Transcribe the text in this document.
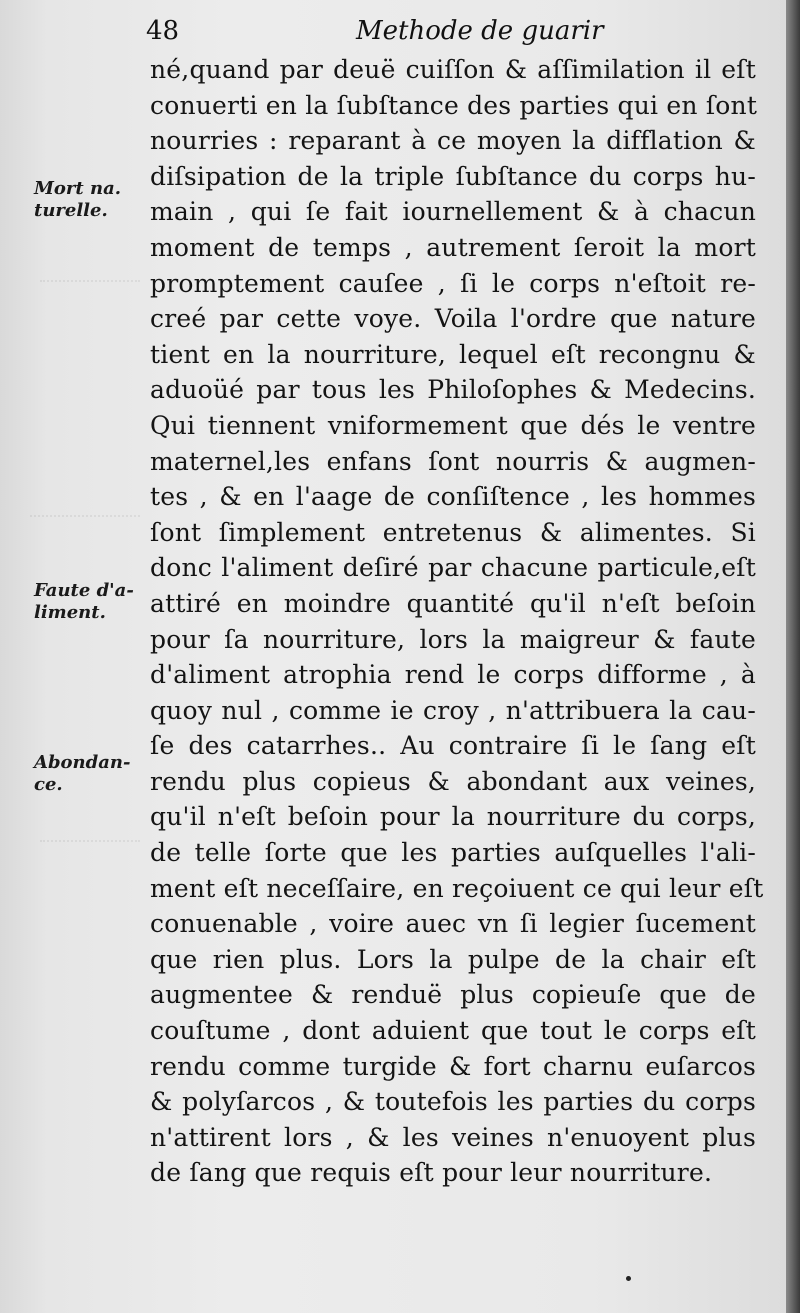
48	Methode de guarir
Mort na.
turelle.
Faute d'a-
liment.
Abondan-
ce.
né,quand par deuë cuiſſon & aſſimilation il eſt
conuerti en la ſubſtance des parties qui en ſont
nourries : reparant à ce moyen la difflation &
diſsipation de la triple ſubſtance du corps hu-
main , qui ſe fait iournellement & à chacun
moment de temps , autrement ſeroit la mort
promptement cauſee , ſi le corps n'eſtoit re-
creé par cette voye. Voila l'ordre que nature
tient en la nourriture, lequel eſt recongnu &
aduoüé par tous les Philoſophes & Medecins.
Qui tiennent vniformement que dés le ventre
maternel,les enfans ſont nourris & augmen-
tes , & en l'aage de conſiſtence , les hommes
ſont ſimplement entretenus & alimentes. Si
donc l'aliment deſiré par chacune particule,eſt
attiré en moindre quantité qu'il n'eſt beſoin
pour ſa nourriture, lors la maigreur & faute
d'aliment atrophia rend le corps difforme , à
quoy nul , comme ie croy , n'attribuera la cau-
ſe des catarrhes.. Au contraire ſi le ſang eſt
rendu plus copieus & abondant aux veines,
qu'il n'eſt beſoin pour la nourriture du corps,
de telle ſorte que les parties auſquelles l'ali-
ment eſt neceſſaire, en reçoiuent ce qui leur eſt
conuenable , voire auec vn ſi legier ſucement
que rien plus. Lors la pulpe de la chair eſt
augmentee & renduë plus copieuſe que de
couſtume , dont aduient que tout le corps eſt
rendu comme turgide & fort charnu euſarcos
& polyſarcos , & toutefois les parties du corps
n'attirent lors , & les veines n'enuoyent plus
de ſang que requis eſt pour leur nourriture.
